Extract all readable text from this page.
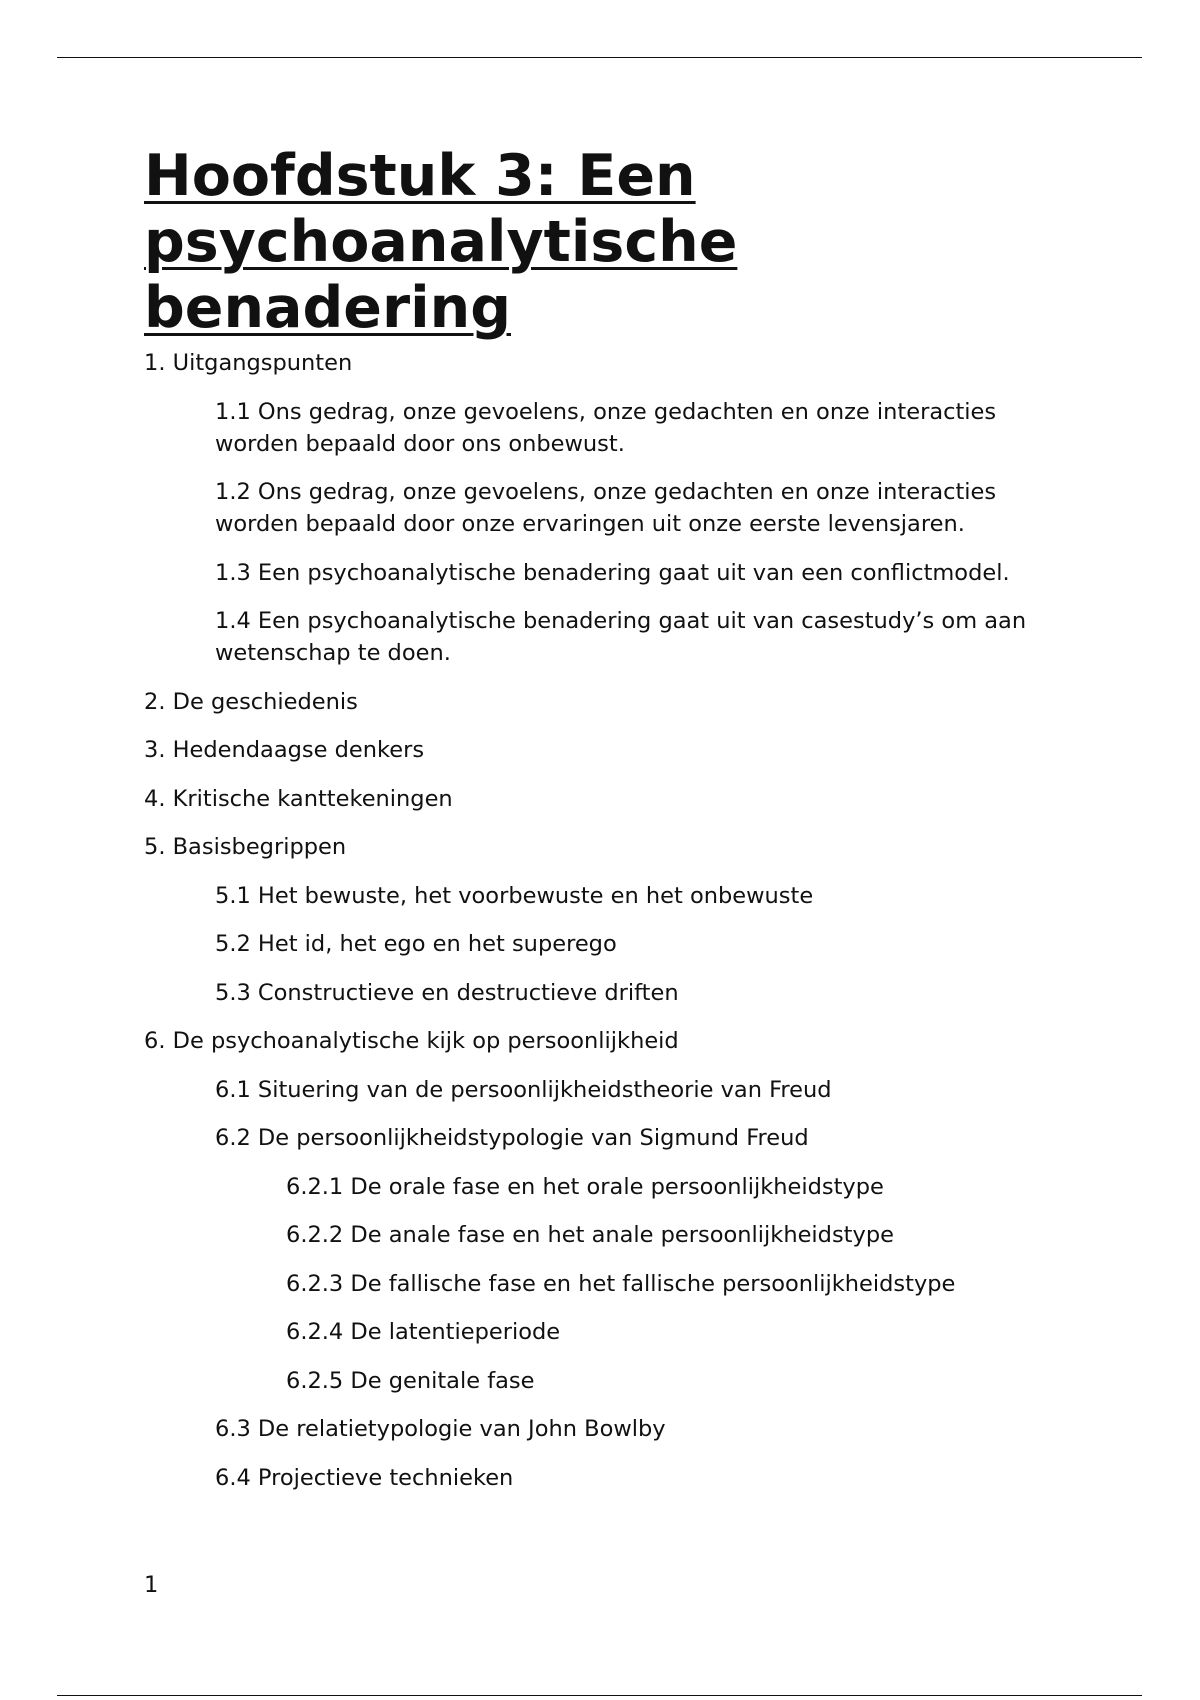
Hoofdstuk 3: Een psychoanalytische benadering
1. Uitgangspunten
1.1 Ons gedrag, onze gevoelens, onze gedachten en onze interacties worden bepaald door ons onbewust.
1.2 Ons gedrag, onze gevoelens, onze gedachten en onze interacties worden bepaald door onze ervaringen uit onze eerste levensjaren.
1.3 Een psychoanalytische benadering gaat uit van een conflictmodel.
1.4 Een psychoanalytische benadering gaat uit van casestudy’s om aan wetenschap te doen.
2. De geschiedenis
3. Hedendaagse denkers
4. Kritische kanttekeningen
5. Basisbegrippen
5.1 Het bewuste, het voorbewuste en het onbewuste
5.2 Het id, het ego en het superego
5.3 Constructieve en destructieve driften
6. De psychoanalytische kijk op persoonlijkheid
6.1 Situering van de persoonlijkheidstheorie van Freud
6.2 De persoonlijkheidstypologie van Sigmund Freud
6.2.1 De orale fase en het orale persoonlijkheidstype
6.2.2 De anale fase en het anale persoonlijkheidstype
6.2.3 De fallische fase en het fallische persoonlijkheidstype
6.2.4 De latentieperiode
6.2.5 De genitale fase
6.3 De relatietypologie van John Bowlby
6.4 Projectieve technieken
1
